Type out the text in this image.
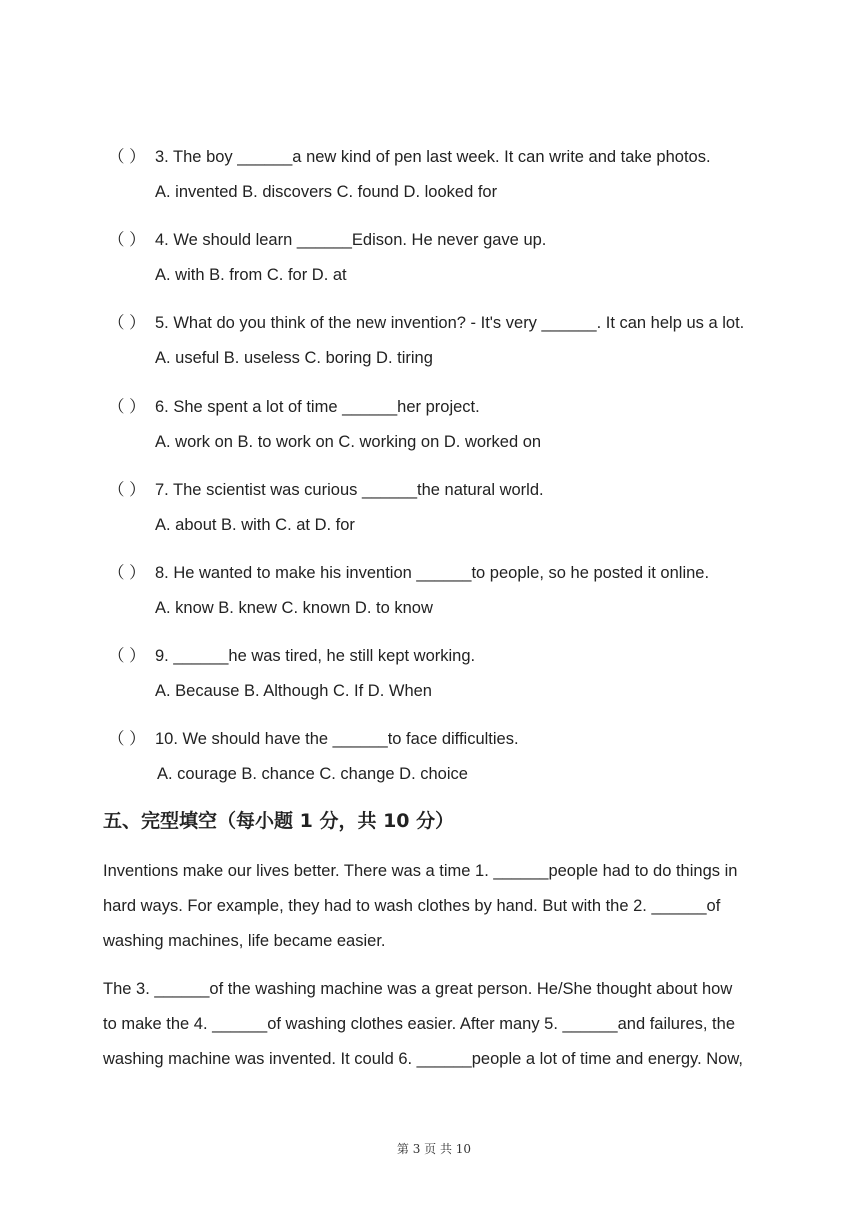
（ ） 3. The boy ______a new kind of pen last week. It can write and take photos.
A. invented B. discovers C. found D. looked for
（ ） 4. We should learn ______Edison. He never gave up.
A. with B. from C. for D. at
（ ） 5. What do you think of the new invention? - It's very ______. It can help us a lot.
A. useful B. useless C. boring D. tiring
（ ） 6. She spent a lot of time ______her project.
A. work on B. to work on C. working on D. worked on
（ ） 7. The scientist was curious ______the natural world.
A. about B. with C. at D. for
（ ） 8. He wanted to make his invention ______to people, so he posted it online.
A. know B. knew C. known D. to know
（ ） 9. ______he was tired, he still kept working.
A. Because B. Although C. If D. When
（ ） 10. We should have the ______to face difficulties.
A. courage B. chance C. change D. choice
五、完型填空（每小题 1 分，共 10 分）
Inventions make our lives better. There was a time 1. ______people had to do things in
hard ways. For example, they had to wash clothes by hand. But with the 2. ______of
washing machines, life became easier.
The 3. ______of the washing machine was a great person. He/She thought about how
to make the 4. ______of washing clothes easier. After many 5. ______and failures, the
washing machine was invented. It could 6. ______people a lot of time and energy. Now,
第 3 页 共 10
